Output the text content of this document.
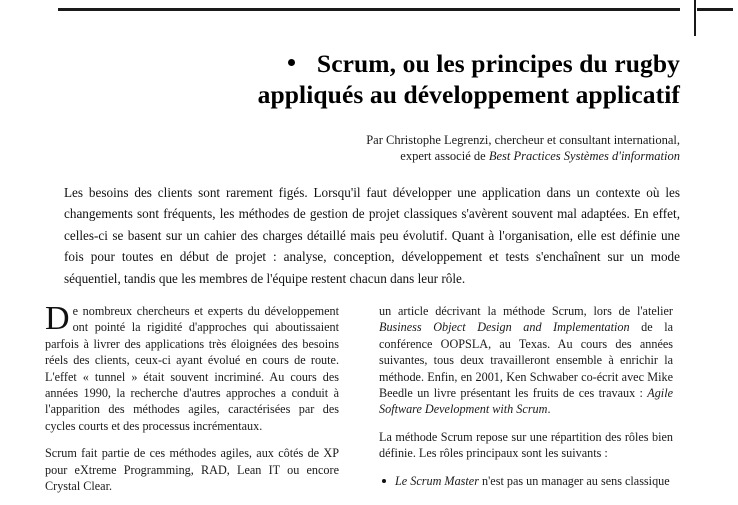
Scrum, ou les principes du rugby
appliqués au développement applicatif
Par Christophe Legrenzi, chercheur et consultant international,
expert associé de Best Practices Systèmes d'information
Les besoins des clients sont rarement figés. Lorsqu'il faut développer une application dans un contexte où les changements sont fréquents, les méthodes de gestion de projet classiques s'avèrent souvent mal adaptées. En effet, celles-ci se basent sur un cahier des charges détaillé mais peu évolutif. Quant à l'organisation, elle est définie une fois pour toutes en début de projet : analyse, conception, développement et tests s'enchaînent sur un mode séquentiel, tandis que les membres de l'équipe restent chacun dans leur rôle.

De nombreux chercheurs et experts du développement ont pointé la rigidité d'approches qui aboutissaient parfois à livrer des applications très éloignées des besoins réels des clients, ceux-ci ayant évolué en cours de route. L'effet « tunnel » était souvent incriminé. Au cours des années 1990, la recherche d'autres approches a conduit à l'apparition des méthodes agiles, caractérisées par des cycles courts et des processus incrémentaux.

Scrum fait partie de ces méthodes agiles, aux côtés de XP pour eXtreme Programming, RAD, Lean IT ou encore Crystal Clear.

un article décrivant la méthode Scrum, lors de l'atelier Business Object Design and Implementation de la conférence OOPSLA, au Texas. Au cours des années suivantes, tous deux travailleront ensemble à enrichir la méthode. Enfin, en 2001, Ken Schwaber co-écrit avec Mike Beedle un livre présentant les fruits de ces travaux : Agile Software Development with Scrum.

La méthode Scrum repose sur une répartition des rôles bien définie. Les rôles principaux sont les suivants :

Le Scrum Master n'est pas un manager au sens classique
